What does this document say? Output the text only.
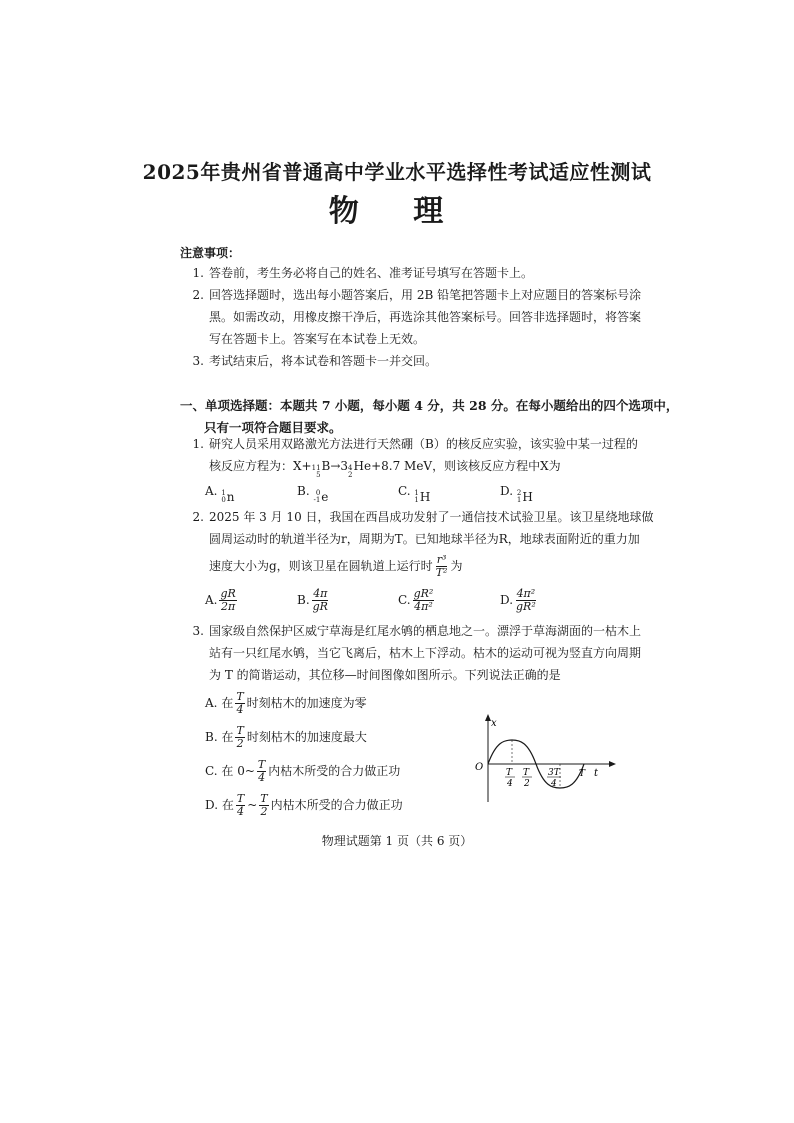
2025年贵州省普通高中学业水平选择性考试适应性测试
物 理
注意事项：
1. 答卷前，考生务必将自己的姓名、准考证号填写在答题卡上。
2. 回答选择题时，选出每小题答案后，用 2B 铅笔把答题卡上对应题目的答案标号涂
黑。如需改动，用橡皮擦干净后，再选涂其他答案标号。回答非选择题时，将答案
写在答题卡上。答案写在本试卷上无效。
3. 考试结束后，将本试卷和答题卡一并交回。
一、单项选择题：本题共 7 小题，每小题 4 分，共 28 分。在每小题给出的四个选项中，
只有一项符合题目要求。
1. 研究人员采用双路激光方法进行天然硼（B）的核反应实验，该实验中某一过程的
核反应方程为：X+ 11
5
B→3 4
2
He+8.7 MeV，则该核反应方程中X为
A. 1
0 n	B. 0
-1 e	C. 1
1 H	D. 2
1 H
2. 2025 年 3 月 10 日，我国在西昌成功发射了一通信技术试验卫星。该卫星绕地球做
圆周运动时的轨道半径为r，周期为T。已知地球半径为R，地球表面附近的重力加
速度大小为g，则该卫星在圆轨道上运行时 $\frac{\text{r³}}{\text{T²}}$ 为
A. $\frac{gR}{2\pi}$	B. $\frac{4\pi}{gR}$	C. $\frac{\text{gR²}}{\text{4π²}}$	D. $\frac{\text{4π²}}{\text{gR²}}$
3. 国家级自然保护区威宁草海是红尾水鸲的栖息地之一。漂浮于草海湖面的一枯木上
站有一只红尾水鸲，当它飞离后，枯木上下浮动。枯木的运动可视为竖直方向周期
为 T 的简谐运动，其位移—时间图像如图所示。下列说法正确的是
A. 在 $\frac{T}{4}$ 时刻枯木的加速度为零
B. 在 $\frac{T}{2}$ 时刻枯木的加速度最大
C. 在 0~ $\frac{T}{4}$ 内枯木所受的合力做正功
D. 在 $\frac{T}{4}$ ~ $\frac{T}{2}$ 内枯木所受的合力做正功
x
O	T
4
T
2
3T
4
T t
物理试题第 1 页（共 6 页）
